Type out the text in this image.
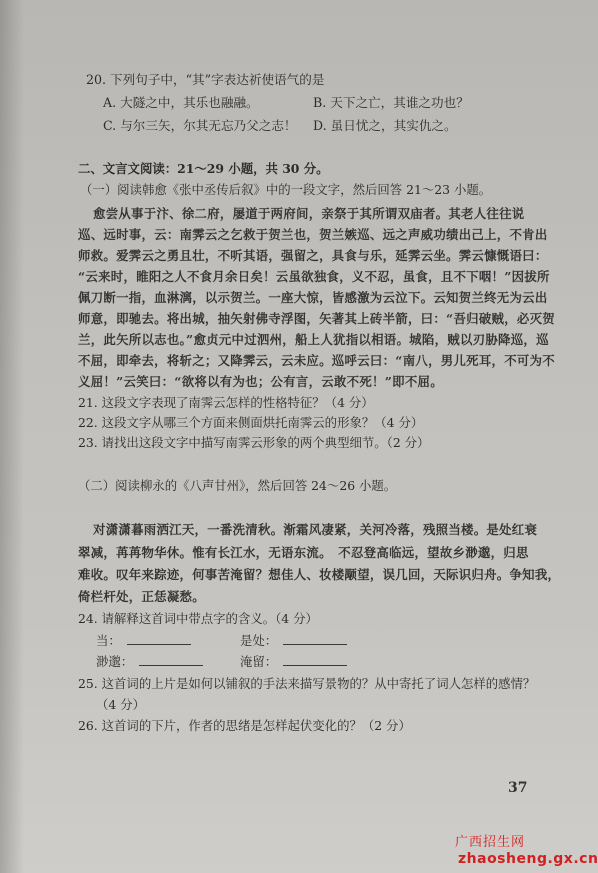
20. 下列句子中，“其”字表达祈使语气的是
A. 大隧之中，其乐也融融。	B. 天下之亡，其谁之功也？
C. 与尔三矢，尔其无忘乃父之志！ D. 虽日忧之，其实仇之。
二、文言文阅读：21～29 小题，共 30 分。
（一）阅读韩愈《张中丞传后叙》中的一段文字，然后回答 21～23 小题。
愈尝从事于汴、徐二府，屡道于两府间，亲祭于其所谓双庙者。其老人往往说
巡、远时事，云：南霁云之乞救于贺兰也，贺兰嫉巡、远之声威功绩出己上，不肯出
师救。爱霁云之勇且壮，不听其语，强留之，具食与乐，延霁云坐。霁云慷慨语曰：
“云来时，睢阳之人不食月余日矣！云虽欲独食，义不忍，虽食，且不下咽！”因拔所
佩刀断一指，血淋漓，以示贺兰。一座大惊，皆感激为云泣下。云知贺兰终无为云出
师意，即驰去。将出城，抽矢射佛寺浮图，矢著其上砖半箭，曰：“吾归破贼，必灭贺
兰，此矢所以志也。”愈贞元中过泗州，船上人犹指以相语。城陷，贼以刃胁降巡，巡
不屈，即牵去，将斩之；又降霁云，云未应。巡呼云曰：“南八，男儿死耳，不可为不
义屈！”云笑曰：“欲将以有为也；公有言，云敢不死！”即不屈。
21. 这段文字表现了南霁云怎样的性格特征？（4 分）
22. 这段文字从哪三个方面来侧面烘托南霁云的形象？（4 分）
23. 请找出这段文字中描写南霁云形象的两个典型细节。（2 分）
（二）阅读柳永的《八声甘州》，然后回答 24～26 小题。
对潇潇暮雨洒江天，一番洗清秋。渐霜风凄紧，关河冷落，残照当楼。是处红衰
翠减，苒苒物华休。惟有长江水，无语东流。　不忍登高临远，望故乡渺邈，归思
难收。叹年来踪迹，何事苦淹留？想佳人、妆楼颙望，误几回，天际识归舟。争知我，
倚栏杆处，正恁凝愁。
24. 请解释这首词中带点字的含义。（4 分）
当：	是处：
渺邈：	淹留：
25. 这首词的上片是如何以铺叙的手法来描写景物的？从中寄托了词人怎样的感情？
（4 分）
26. 这首词的下片，作者的思绪是怎样起伏变化的？（2 分）
37
广西招生网
zhaosheng.gx.cn
